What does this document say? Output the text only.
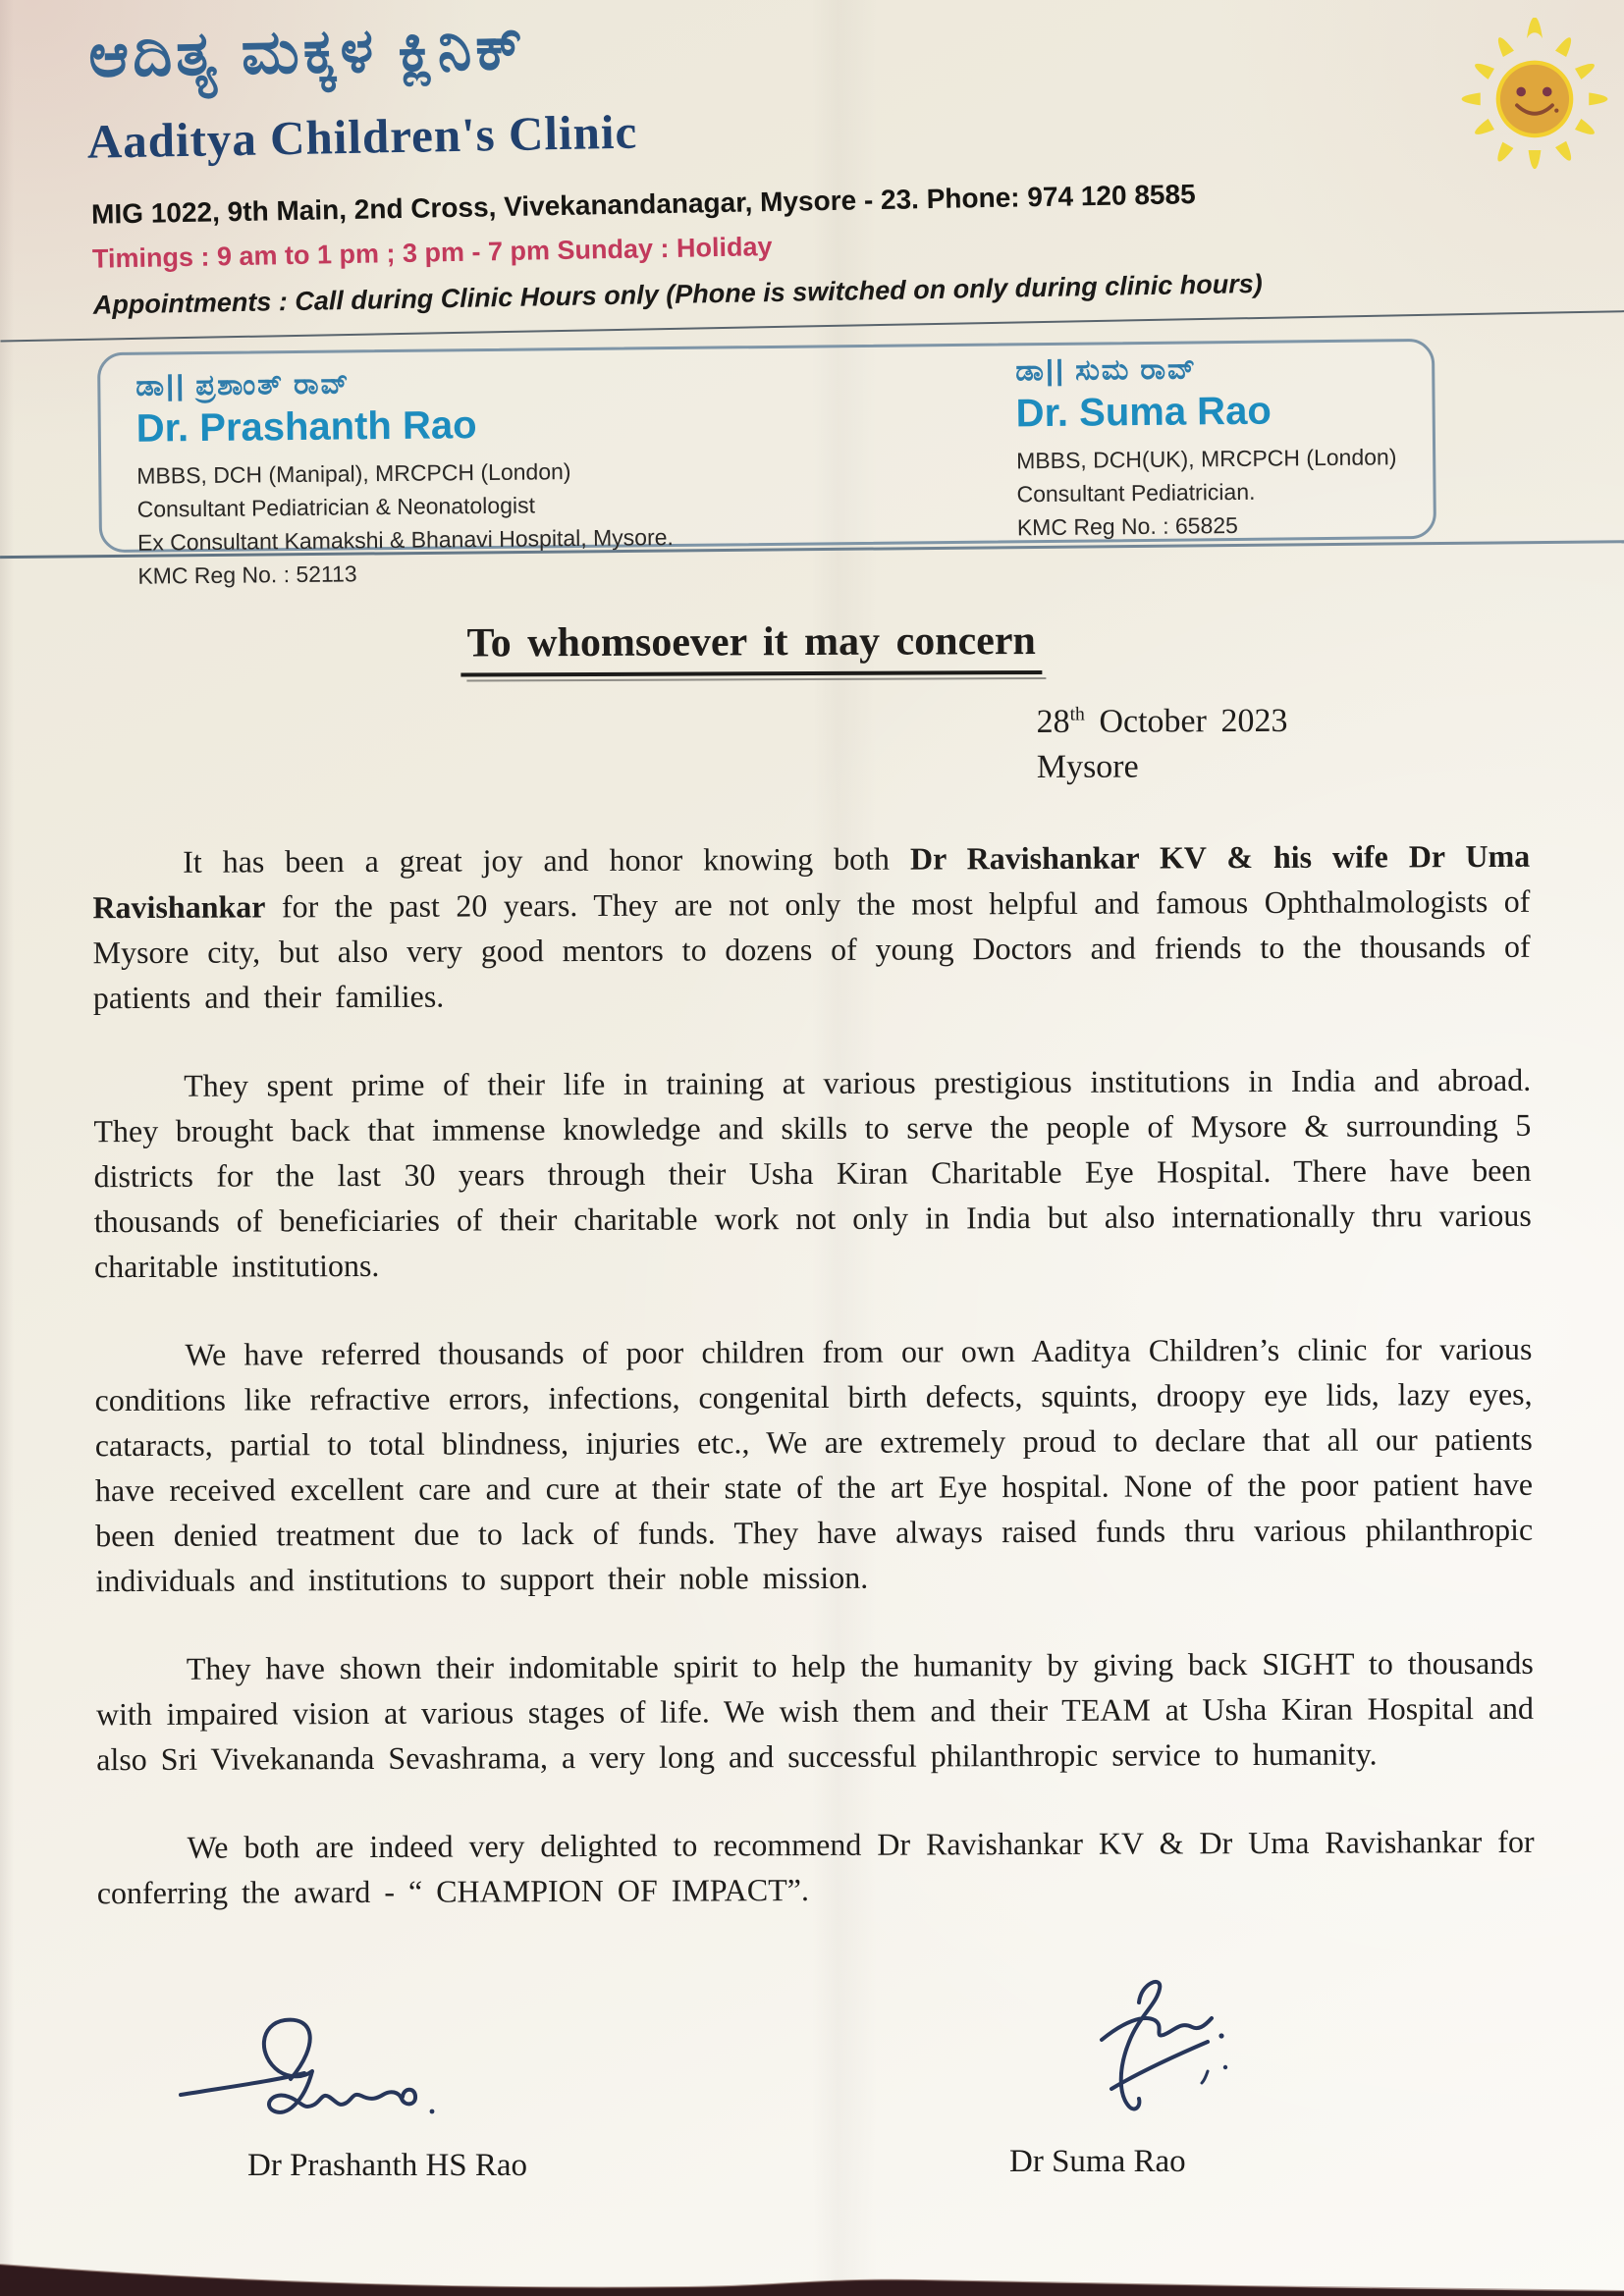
ಆದಿತ್ಯ ಮಕ್ಕಳ ಕ್ಲಿನಿಕ್
Aaditya Children's Clinic
MIG 1022, 9th Main, 2nd Cross, Vivekanandanagar, Mysore - 23. Phone: 974 120 8585
Timings : 9 am to 1 pm ; 3 pm - 7 pm Sunday : Holiday
Appointments : Call during Clinic Hours only (Phone is switched on only during clinic hours)
ಡಾ|| ಪ್ರಶಾಂತ್ ರಾವ್
Dr. Prashanth Rao
MBBS, DCH (Manipal), MRCPCH (London)
Consultant Pediatrician & Neonatologist
Ex Consultant Kamakshi & Bhanavi Hospital, Mysore.
KMC Reg No. : 52113
ಡಾ|| ಸುಮ ರಾವ್
Dr. Suma Rao
MBBS, DCH(UK), MRCPCH (London)
Consultant Pediatrician.
KMC Reg No. : 65825
To whomsoever it may concern
28th October 2023
Mysore

It has been a great joy and honor knowing both Dr Ravishankar KV & his wife Dr Uma Ravishankar for the past 20 years. They are not only the most helpful and famous Ophthalmologists of Mysore city, but also very good mentors to dozens of young Doctors and friends to the thousands of patients and their families.

They spent prime of their life in training at various prestigious institutions in India and abroad. They brought back that immense knowledge and skills to serve the people of Mysore & surrounding 5 districts for the last 30 years through their Usha Kiran Charitable Eye Hospital. There have been thousands of beneficiaries of their charitable work not only in India but also internationally thru various charitable institutions.

We have referred thousands of poor children from our own Aaditya Children’s clinic for various conditions like refractive errors, infections, congenital birth defects, squints, droopy eye lids, lazy eyes, cataracts, partial to total blindness, injuries etc., We are extremely proud to declare that all our patients have received excellent care and cure at their state of the art Eye hospital. None of the poor patient have been denied treatment due to lack of funds. They have always raised funds thru various philanthropic individuals and institutions to support their noble mission.

They have shown their indomitable spirit to help the humanity by giving back SIGHT to thousands with impaired vision at various stages of life. We wish them and their TEAM at Usha Kiran Hospital and also Sri Vivekananda Sevashrama, a very long and successful philanthropic service to humanity.

We both are indeed very delighted to recommend Dr Ravishankar KV & Dr Uma Ravishankar for conferring the award - “ CHAMPION OF IMPACT”.

Dr Prashanth HS Rao	Dr Suma Rao
